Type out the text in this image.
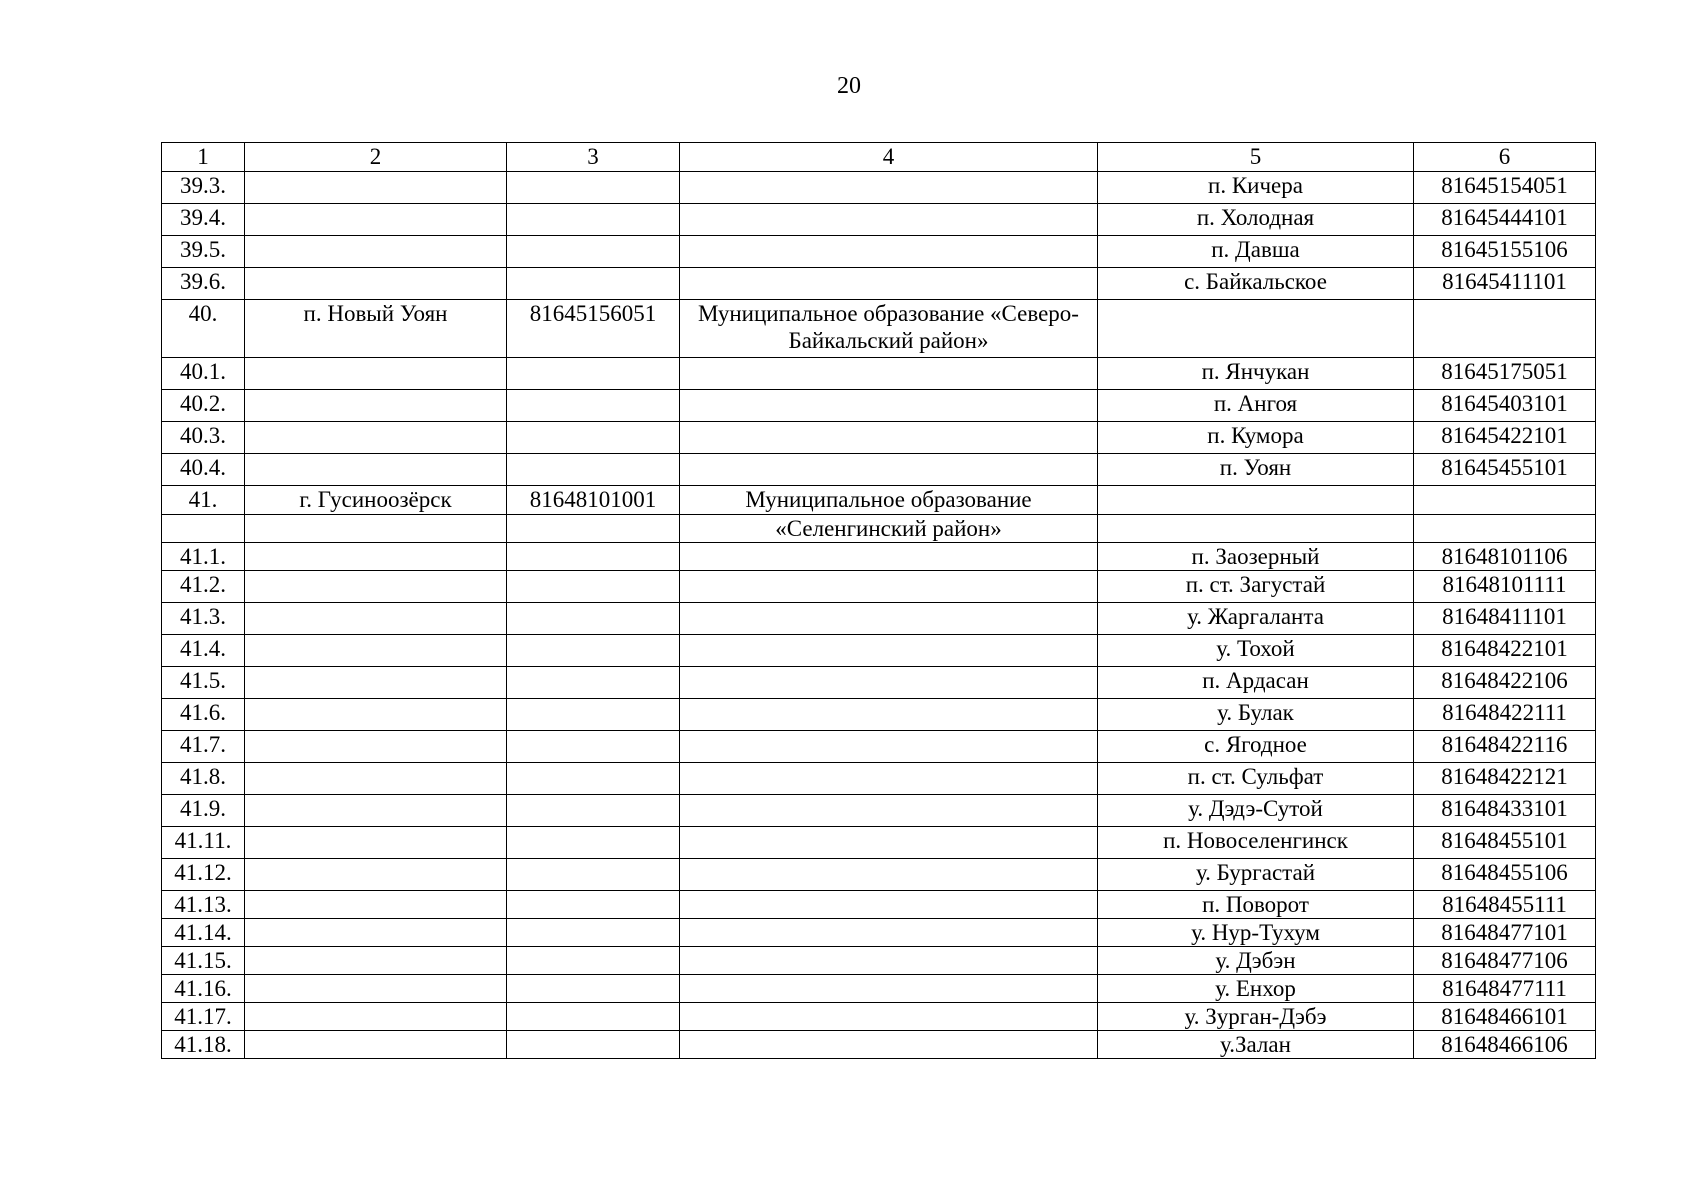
20
1	2	3	4	5	6
39.3.				п. Кичера	81645154051
39.4.				п. Холодная	81645444101
39.5.				п. Давша	81645155106
39.6.				с. Байкальское	81645411101
40.	п. Новый Уоян	81645156051	Муниципальное образование «Северо-Байкальский район»		
40.1.				п. Янчукан	81645175051
40.2.				п. Ангоя	81645403101
40.3.				п. Кумора	81645422101
40.4.				п. Уоян	81645455101
41.	г. Гусиноозёрск	81648101001	Муниципальное образование		
			«Селенгинский район»		
41.1.				п. Заозерный	81648101106
41.2.				п. ст. Загустай	81648101111
41.3.				у. Жаргаланта	81648411101
41.4.				у. Тохой	81648422101
41.5.				п. Ардасан	81648422106
41.6.				у. Булак	81648422111
41.7.				с. Ягодное	81648422116
41.8.				п. ст. Сульфат	81648422121
41.9.				у. Дэдэ-Сутой	81648433101
41.11.				п. Новоселенгинск	81648455101
41.12.				у. Бургастай	81648455106
41.13.				п. Поворот	81648455111
41.14.				у. Нур-Тухум	81648477101
41.15.				у. Дэбэн	81648477106
41.16.				у. Енхор	81648477111
41.17.				у. Зурган-Дэбэ	81648466101
41.18.				у.Залан	81648466106
